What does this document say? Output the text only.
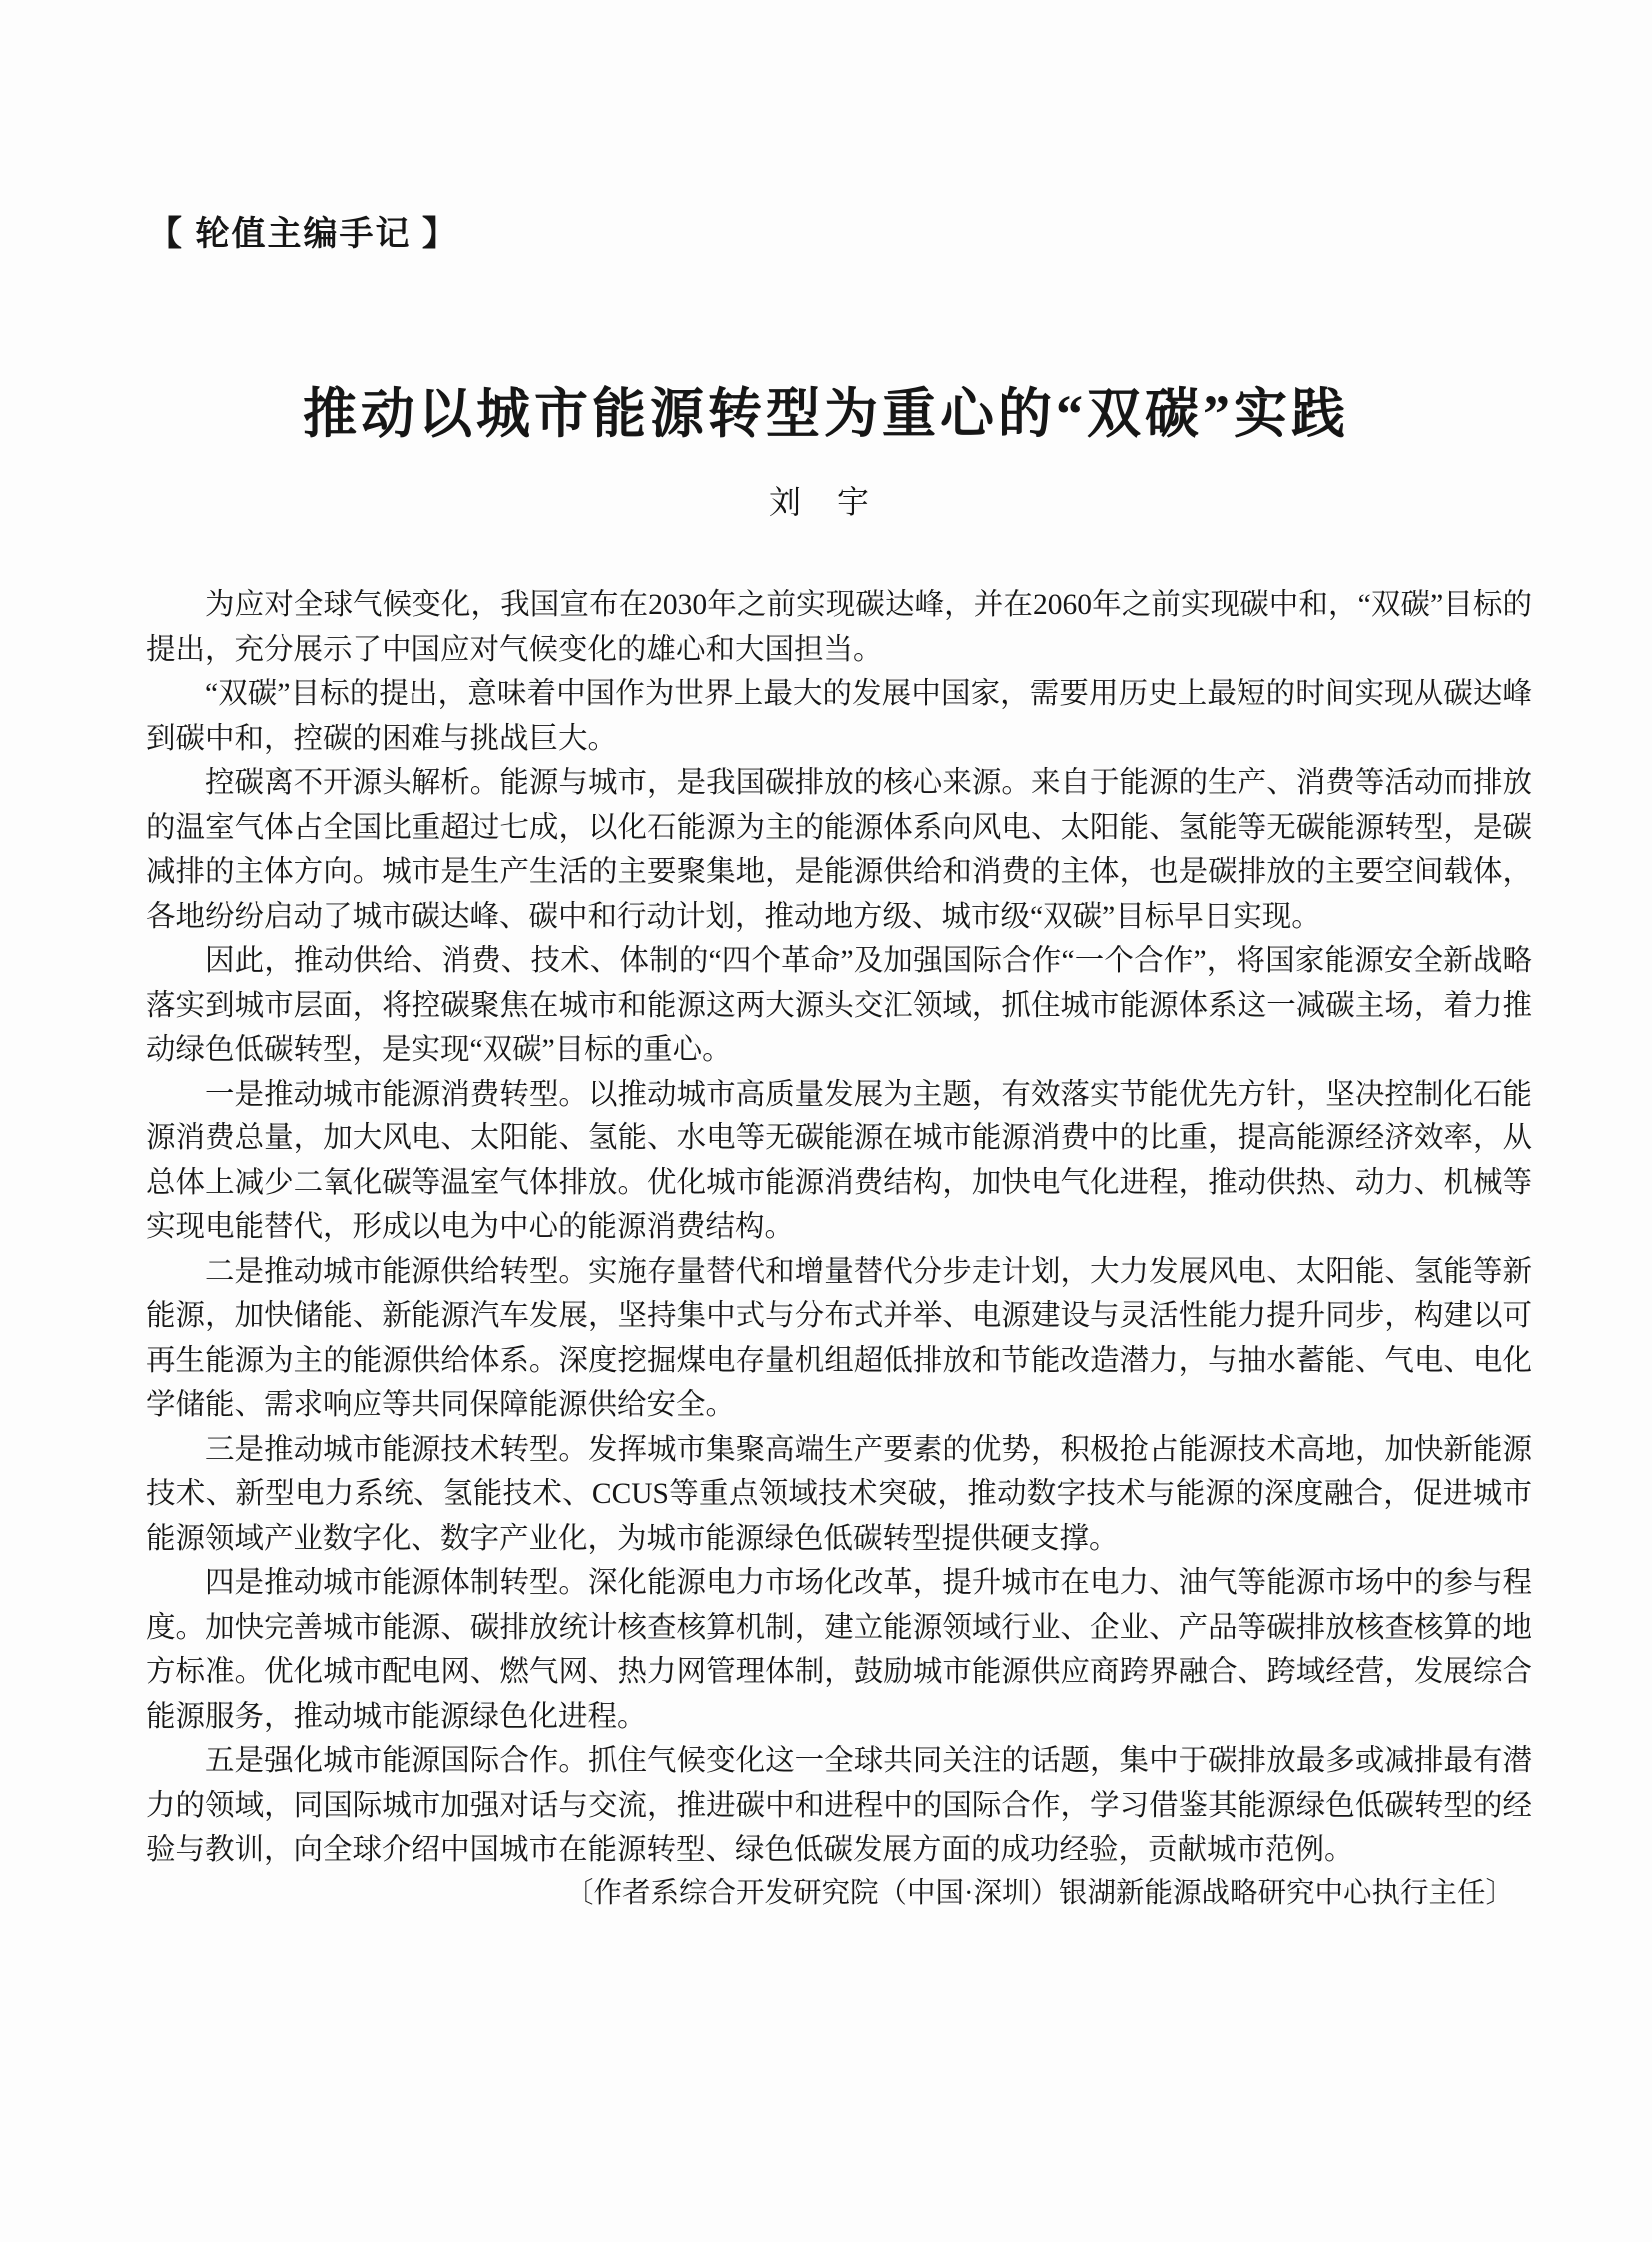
【 轮值主编手记 】
推动以城市能源转型为重心的“双碳”实践
刘 宇

为应对全球气候变化，我国宣布在2030年之前实现碳达峰，并在2060年之前实现碳中和，“双碳”目标的提出，充分展示了中国应对气候变化的雄心和大国担当。

“双碳”目标的提出，意味着中国作为世界上最大的发展中国家，需要用历史上最短的时间实现从碳达峰到碳中和，控碳的困难与挑战巨大。

控碳离不开源头解析。能源与城市，是我国碳排放的核心来源。来自于能源的生产、消费等活动而排放的温室气体占全国比重超过七成，以化石能源为主的能源体系向风电、太阳能、氢能等无碳能源转型，是碳减排的主体方向。城市是生产生活的主要聚集地，是能源供给和消费的主体，也是碳排放的主要空间载体，各地纷纷启动了城市碳达峰、碳中和行动计划，推动地方级、城市级“双碳”目标早日实现。

因此，推动供给、消费、技术、体制的“四个革命”及加强国际合作“一个合作”，将国家能源安全新战略落实到城市层面，将控碳聚焦在城市和能源这两大源头交汇领域，抓住城市能源体系这一减碳主场，着力推动绿色低碳转型，是实现“双碳”目标的重心。

一是推动城市能源消费转型。以推动城市高质量发展为主题，有效落实节能优先方针，坚决控制化石能源消费总量，加大风电、太阳能、氢能、水电等无碳能源在城市能源消费中的比重，提高能源经济效率，从总体上减少二氧化碳等温室气体排放。优化城市能源消费结构，加快电气化进程，推动供热、动力、机械等实现电能替代，形成以电为中心的能源消费结构。

二是推动城市能源供给转型。实施存量替代和增量替代分步走计划，大力发展风电、太阳能、氢能等新能源，加快储能、新能源汽车发展，坚持集中式与分布式并举、电源建设与灵活性能力提升同步，构建以可再生能源为主的能源供给体系。深度挖掘煤电存量机组超低排放和节能改造潜力，与抽水蓄能、气电、电化学储能、需求响应等共同保障能源供给安全。

三是推动城市能源技术转型。发挥城市集聚高端生产要素的优势，积极抢占能源技术高地，加快新能源技术、新型电力系统、氢能技术、CCUS等重点领域技术突破，推动数字技术与能源的深度融合，促进城市能源领域产业数字化、数字产业化，为城市能源绿色低碳转型提供硬支撑。

四是推动城市能源体制转型。深化能源电力市场化改革，提升城市在电力、油气等能源市场中的参与程度。加快完善城市能源、碳排放统计核查核算机制，建立能源领域行业、企业、产品等碳排放核查核算的地方标准。优化城市配电网、燃气网、热力网管理体制，鼓励城市能源供应商跨界融合、跨域经营，发展综合能源服务，推动城市能源绿色化进程。

五是强化城市能源国际合作。抓住气候变化这一全球共同关注的话题，集中于碳排放最多或减排最有潜力的领域，同国际城市加强对话与交流，推进碳中和进程中的国际合作，学习借鉴其能源绿色低碳转型的经验与教训，向全球介绍中国城市在能源转型、绿色低碳发展方面的成功经验，贡献城市范例。

〔作者系综合开发研究院（中国·深圳）银湖新能源战略研究中心执行主任〕
